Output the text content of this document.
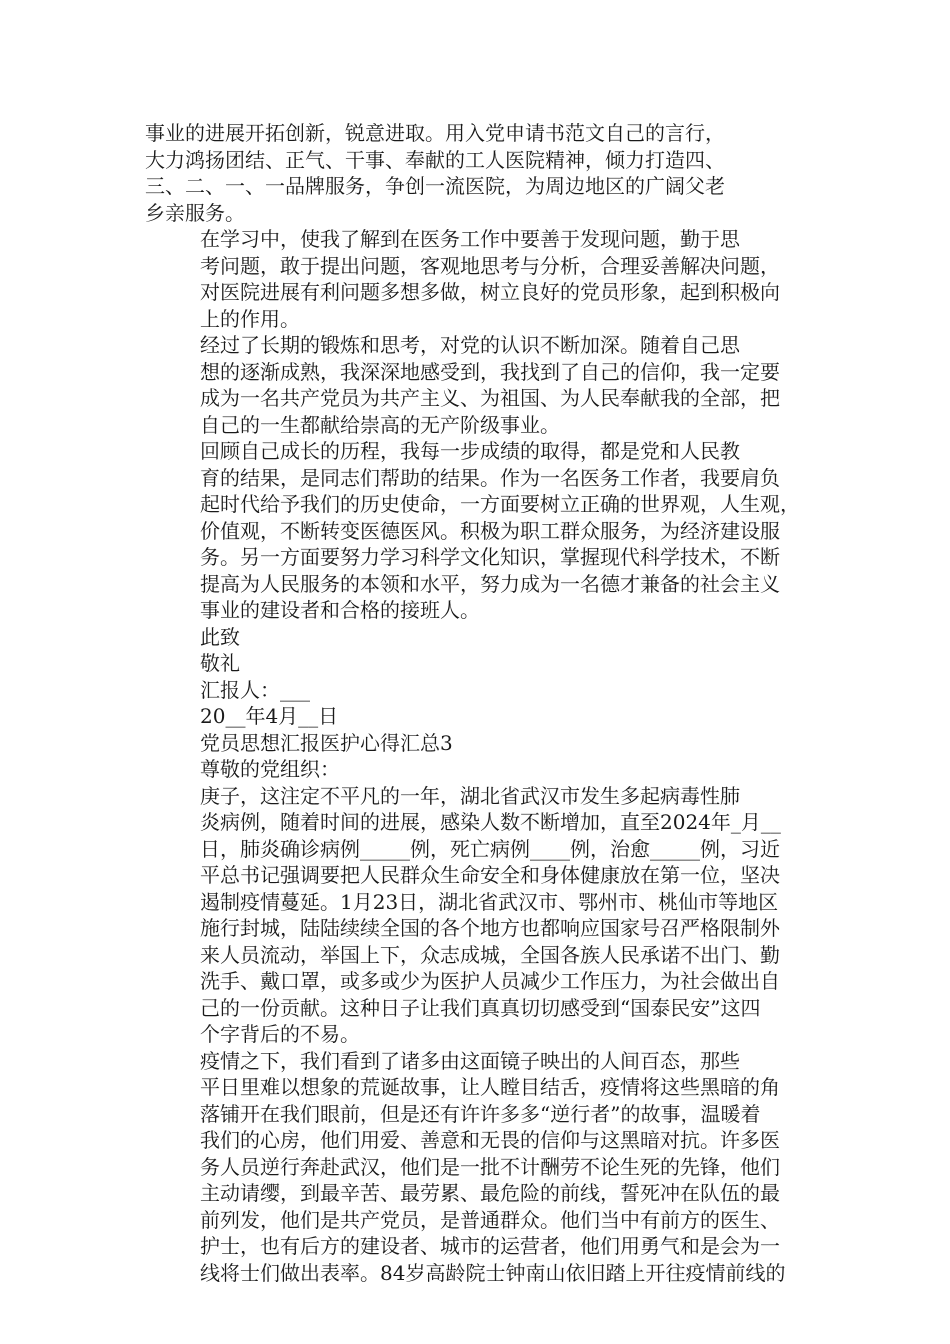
事业的进展开拓创新，锐意进取。用入党申请书范文自己的言行，
大力鸿扬团结、正气、干事、奉献的工人医院精神，倾力打造四、
三、二、一、一品牌服务，争创一流医院，为周边地区的广阔父老
乡亲服务。
在学习中，使我了解到在医务工作中要善于发现问题，勤于思
考问题，敢于提出问题，客观地思考与分析，合理妥善解决问题，
对医院进展有利问题多想多做，树立良好的党员形象，起到积极向
上的作用。
经过了长期的锻炼和思考，对党的认识不断加深。随着自己思
想的逐渐成熟，我深深地感受到，我找到了自己的信仰，我一定要
成为一名共产党员为共产主义、为祖国、为人民奉献我的全部，把
自己的一生都献给崇高的无产阶级事业。
回顾自己成长的历程，我每一步成绩的取得，都是党和人民教
育的结果，是同志们帮助的结果。作为一名医务工作者，我要肩负
起时代给予我们的历史使命，一方面要树立正确的世界观，人生观，
价值观，不断转变医德医风。积极为职工群众服务，为经济建设服
务。另一方面要努力学习科学文化知识，掌握现代科学技术，不断
提高为人民服务的本领和水平，努力成为一名德才兼备的社会主义
事业的建设者和合格的接班人。
此致
敬礼
汇报人：___
20__年4月__日
党员思想汇报医护心得汇总3
尊敬的党组织：
庚子，这注定不平凡的一年，湖北省武汉市发生多起病毒性肺
炎病例，随着时间的进展，感染人数不断增加，直至2024年_月__
日，肺炎确诊病例_____例，死亡病例____例，治愈_____例，习近
平总书记强调要把人民群众生命安全和身体健康放在第一位，坚决
遏制疫情蔓延。1月23日，湖北省武汉市、鄂州市、桃仙市等地区
施行封城，陆陆续续全国的各个地方也都响应国家号召严格限制外
来人员流动，举国上下，众志成城，全国各族人民承诺不出门、勤
洗手、戴口罩，或多或少为医护人员减少工作压力，为社会做出自
己的一份贡献。这种日子让我们真真切切感受到“国泰民安”这四
个字背后的不易。
疫情之下，我们看到了诸多由这面镜子映出的人间百态，那些
平日里难以想象的荒诞故事，让人瞠目结舌，疫情将这些黑暗的角
落铺开在我们眼前，但是还有许许多多“逆行者”的故事，温暖着
我们的心房，他们用爱、善意和无畏的信仰与这黑暗对抗。许多医
务人员逆行奔赴武汉，他们是一批不计酬劳不论生死的先锋，他们
主动请缨，到最辛苦、最劳累、最危险的前线，誓死冲在队伍的最
前列发，他们是共产党员，是普通群众。他们当中有前方的医生、
护士，也有后方的建设者、城市的运营者，他们用勇气和是会为一
线将士们做出表率。84岁高龄院士钟南山依旧踏上开往疫情前线的
